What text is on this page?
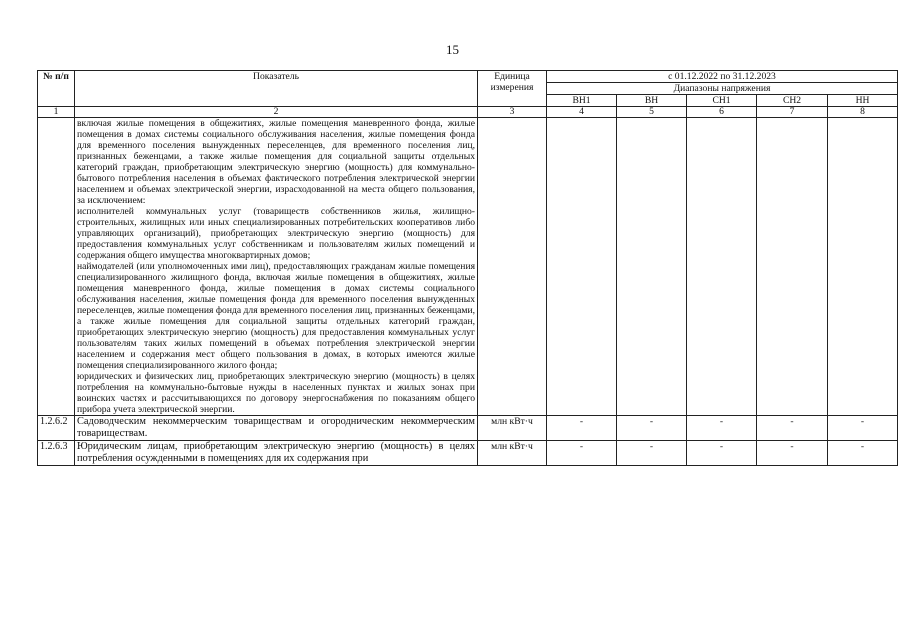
15
№ п/п	Показатель	Единица измерения	с 01.12.2022 по 31.12.2023				
			Диапазоны напряжения				
			ВН1	ВН	СН1	СН2	НН
1	2	3	4	5	6	7	8

	включая жилые помещения в общежитиях, жилые помещения маневренного фонда, жилые помещения в домах системы социального обслуживания населения, жилые помещения фонда для временного поселения вынужденных переселенцев, для временного поселения лиц, признанных беженцами, а также жилые помещения для социальной защиты отдельных категорий граждан, приобретающим электрическую энергию (мощность) для коммунально-бытового потребления населения в объемах фактического потребления электрической энергии населением и объемах электрической энергии, израсходованной на места общего пользования, за исключением:

исполнителей коммунальных услуг (товариществ собственников жилья, жилищно-строительных, жилищных или иных специализированных потребительских кооперативов либо управляющих организаций), приобретающих электрическую энергию (мощность) для предоставления коммунальных услуг собственникам и пользователям жилых помещений и содержания общего имущества многоквартирных домов;

наймодателей (или уполномоченных ими лиц), предоставляющих гражданам жилые помещения специализированного жилищного фонда, включая жилые помещения в общежитиях, жилые помещения маневренного фонда, жилые помещения в домах системы социального обслуживания населения, жилые помещения фонда для временного поселения вынужденных переселенцев, жилые помещения фонда для временного поселения лиц, признанных беженцами, а также жилые помещения для социальной защиты отдельных категорий граждан, приобретающих электрическую энергию (мощность) для предоставления коммунальных услуг пользователям таких жилых помещений в объемах потребления электрической энергии населением и содержания мест общего пользования в домах, в которых имеются жилые помещения специализированного жилого фонда;

юридических и физических лиц, приобретающих электрическую энергию (мощность) в целях потребления на коммунально-бытовые нужды в населенных пунктах и жилых зонах при воинских частях и рассчитывающихся по договору энергоснабжения по показаниям общего прибора учета электрической энергии.						

1.2.6.2	Садоводческим некоммерческим товариществам и огородническим некоммерческим товариществам.	млн кВт·ч	-	-	-	-	-
1.2.6.3	Юридическим лицам, приобретающим электрическую энергию (мощность) в целях потребления осужденными в помещениях для их содержания при	млн кВт·ч	-	-	-	-	-
